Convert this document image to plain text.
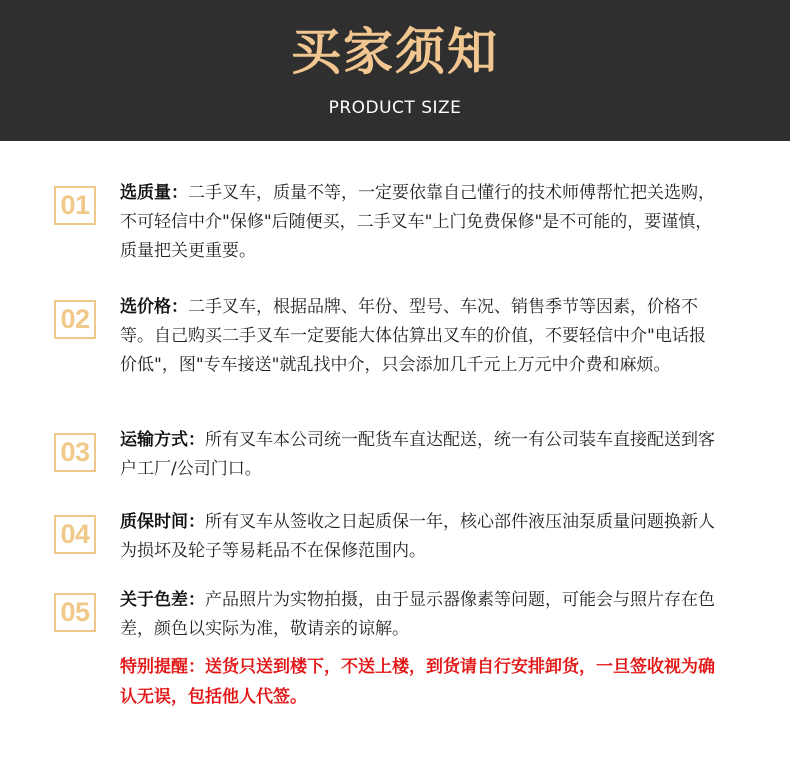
买家须知
PRODUCT SIZE
01 选质量：二手叉车，质量不等，一定要依靠自己懂行的技术师傅帮忙把关选购，不可轻信中介"保修"后随便买，二手叉车"上门免费保修"是不可能的，要谨慎，质量把关更重要。
02 选价格：二手叉车，根据品牌、年份、型号、车况、销售季节等因素，价格不等。自己购买二手叉车一定要能大体估算出叉车的价值，不要轻信中介"电话报价低"，图"专车接送"就乱找中介，只会添加几千元上万元中介费和麻烦。
03 运输方式：所有叉车本公司统一配货车直达配送，统一有公司装车直接配送到客户工厂/公司门口。
04 质保时间：所有叉车从签收之日起质保一年，核心部件液压油泵质量问题换新人为损坏及轮子等易耗品不在保修范围内。
05 关于色差：产品照片为实物拍摄，由于显示器像素等问题，可能会与照片存在色差，颜色以实际为准，敬请亲的谅解。
特别提醒：送货只送到楼下，不送上楼，到货请自行安排卸货，一旦签收视为确认无误，包括他人代签。
